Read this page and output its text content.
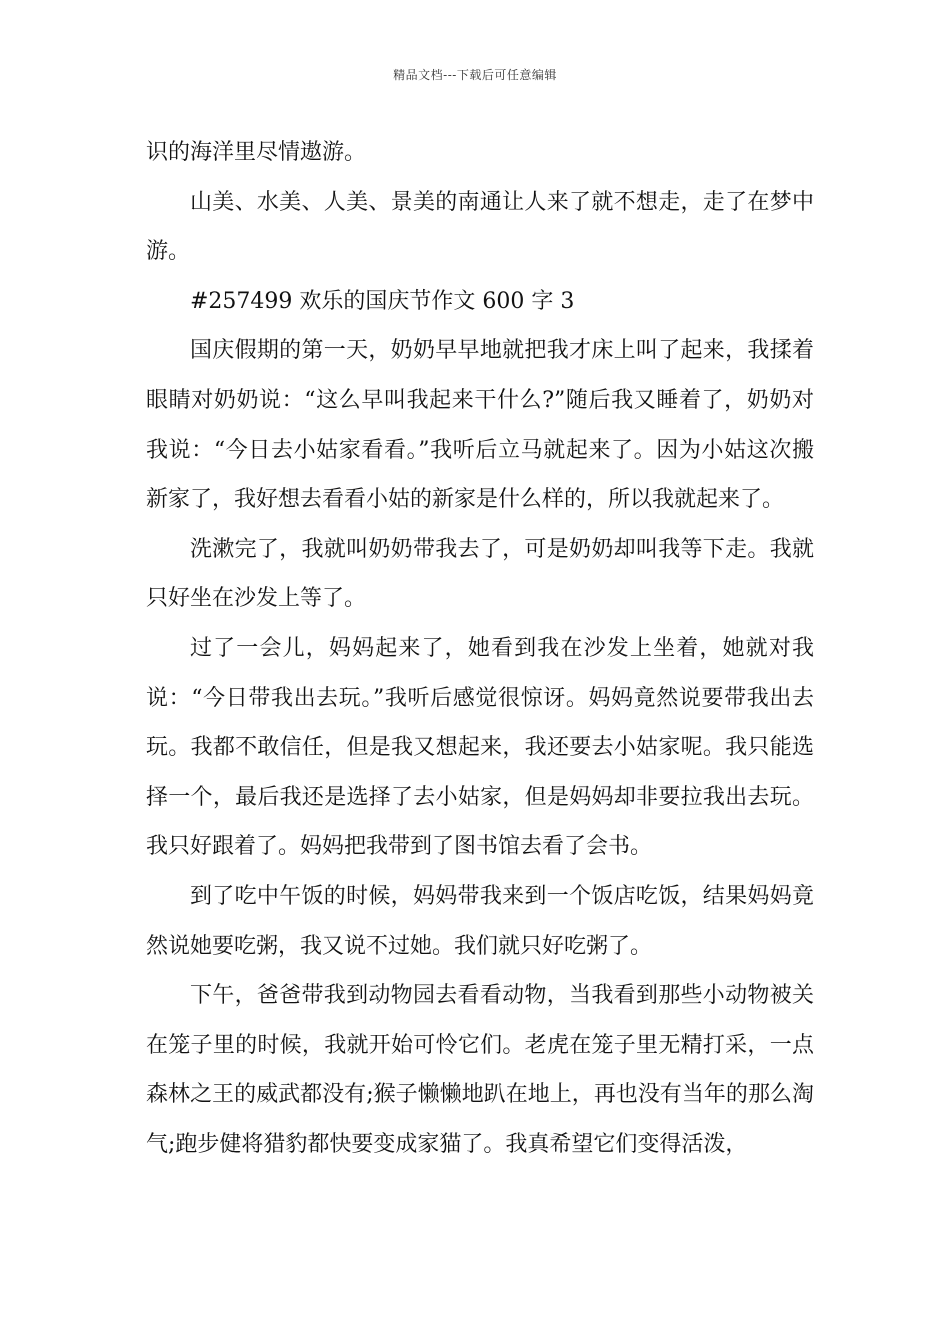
精品文档---下载后可任意编辑

识的海洋里尽情遨游。

山美、水美、人美、景美的南通让人来了就不想走，走了在梦中游。

#257499 欢乐的国庆节作文 600 字 3

国庆假期的第一天，奶奶早早地就把我才床上叫了起来，我揉着眼睛对奶奶说：“这么早叫我起来干什么?”随后我又睡着了，奶奶对我说：“今日去小姑家看看。”我听后立马就起来了。因为小姑这次搬新家了，我好想去看看小姑的新家是什么样的，所以我就起来了。

洗漱完了，我就叫奶奶带我去了，可是奶奶却叫我等下走。我就只好坐在沙发上等了。

过了一会儿，妈妈起来了，她看到我在沙发上坐着，她就对我说：“今日带我出去玩。”我听后感觉很惊讶。妈妈竟然说要带我出去玩。我都不敢信任，但是我又想起来，我还要去小姑家呢。我只能选择一个，最后我还是选择了去小姑家，但是妈妈却非要拉我出去玩。我只好跟着了。妈妈把我带到了图书馆去看了会书。

到了吃中午饭的时候，妈妈带我来到一个饭店吃饭，结果妈妈竟然说她要吃粥，我又说不过她。我们就只好吃粥了。

下午，爸爸带我到动物园去看看动物，当我看到那些小动物被关在笼子里的时候，我就开始可怜它们。老虎在笼子里无精打采，一点森林之王的威武都没有;猴子懒懒地趴在地上，再也没有当年的那么淘气;跑步健将猎豹都快要变成家猫了。我真希望它们变得活泼，
